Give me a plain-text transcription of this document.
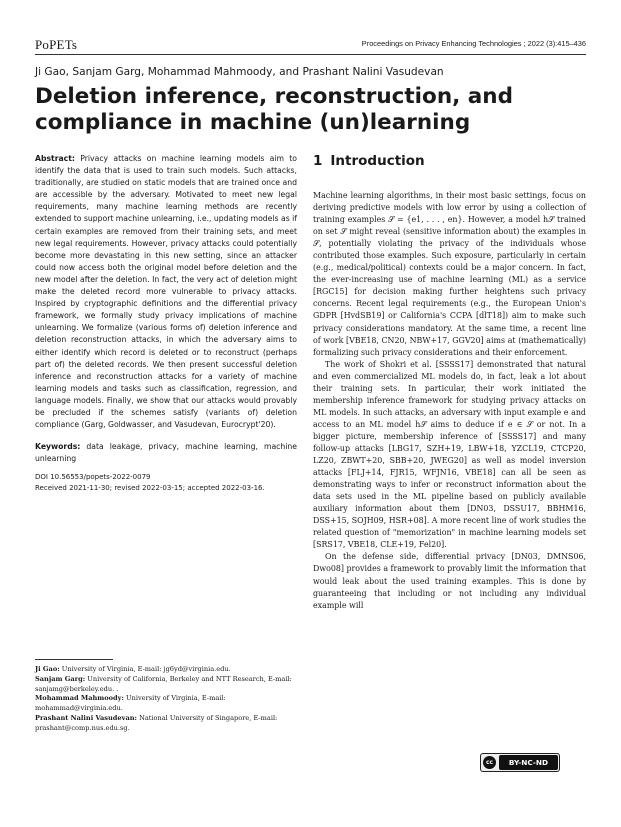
PoPETs	Proceedings on Privacy Enhancing Technologies ; 2022 (3):415–436
Ji Gao, Sanjam Garg, Mohammad Mahmoody, and Prashant Nalini Vasudevan
Deletion inference, reconstruction, and compliance in machine (un)learning

Abstract: Privacy attacks on machine learning models aim to identify the data that is used to train such models. Such attacks, traditionally, are studied on static models that are trained once and are accessible by the adversary. Motivated to meet new legal requirements, many machine learning methods are recently extended to support machine unlearning, i.e., updating models as if certain examples are removed from their training sets, and meet new legal requirements. However, privacy attacks could potentially become more devastating in this new setting, since an attacker could now access both the original model before deletion and the new model after the deletion. In fact, the very act of deletion might make the deleted record more vulnerable to privacy attacks. Inspired by cryptographic definitions and the differential privacy framework, we formally study privacy implications of machine unlearning. We formalize (various forms of) deletion inference and deletion reconstruction attacks, in which the adversary aims to either identify which record is deleted or to reconstruct (perhaps part of) the deleted records. We then present successful deletion inference and reconstruction attacks for a variety of machine learning models and tasks such as classification, regression, and language models. Finally, we show that our attacks would provably be precluded if the schemes satisfy (variants of) deletion compliance (Garg, Goldwasser, and Vasudevan, Eurocrypt'20).

Keywords: data leakage, privacy, machine learning, machine unlearning

DOI 10.56553/popets-2022-0079

Received 2021-11-30; revised 2022-03-15; accepted 2022-03-16.

Ji Gao: University of Virginia, E-mail: jg6yd@virginia.edu.

Sanjam Garg: University of California, Berkeley and NTT Research, E-mail: sanjamg@berkeley.edu. .

Mohammad Mahmoody: University of Virginia, E-mail: mohammad@virginia.edu.

Prashant Nalini Vasudevan: National University of Singapore, E-mail: prashant@comp.nus.edu.sg.

1 Introduction

Machine learning algorithms, in their most basic settings, focus on deriving predictive models with low error by using a collection of training examples 𝒮 = {e1, . . . , en}. However, a model h𝒮 trained on set 𝒮 might reveal (sensitive information about) the examples in 𝒮, potentially violating the privacy of the individuals whose contributed those examples. Such exposure, particularly in certain (e.g., medical/political) contexts could be a major concern. In fact, the ever-increasing use of machine learning (ML) as a service [RGC15] for decision making further heightens such privacy concerns. Recent legal requirements (e.g., the European Union's GDPR [HvdSB19] or California's CCPA [dlT18]) aim to make such privacy considerations mandatory. At the same time, a recent line of work [VBE18, CN20, NBW+17, GGV20] aims at (mathematically) formalizing such privacy considerations and their enforcement.

The work of Shokri et al. [SSSS17] demonstrated that natural and even commercialized ML models do, in fact, leak a lot about their training sets. In particular, their work initiated the membership inference framework for studying privacy attacks on ML models. In such attacks, an adversary with input example e and access to an ML model h𝒮 aims to deduce if e ∈ 𝒮 or not. In a bigger picture, membership inference of [SSSS17] and many follow-up attacks [LBG17, SZH+19, LBW+18, YZCL19, CTCP20, LZ20, ZBWT+20, SBB+20, JWEG20] as well as model inversion attacks [FLJ+14, FJR15, WFJN16, VBE18] can all be seen as demonstrating ways to infer or reconstruct information about the data sets used in the ML pipeline based on publicly available auxiliary information about them [DN03, DSSU17, BBHM16, DSS+15, SOJH09, HSR+08]. A more recent line of work studies the related question of "memorization" in machine learning models set [SRS17, VBE18, CLE+19, Fel20].

On the defense side, differential privacy [DN03, DMNS06, Dwo08] provides a framework to provably limit the information that would leak about the used training examples. This is done by guaranteeing that including or not including any individual example will

cc	BY-NC-ND
